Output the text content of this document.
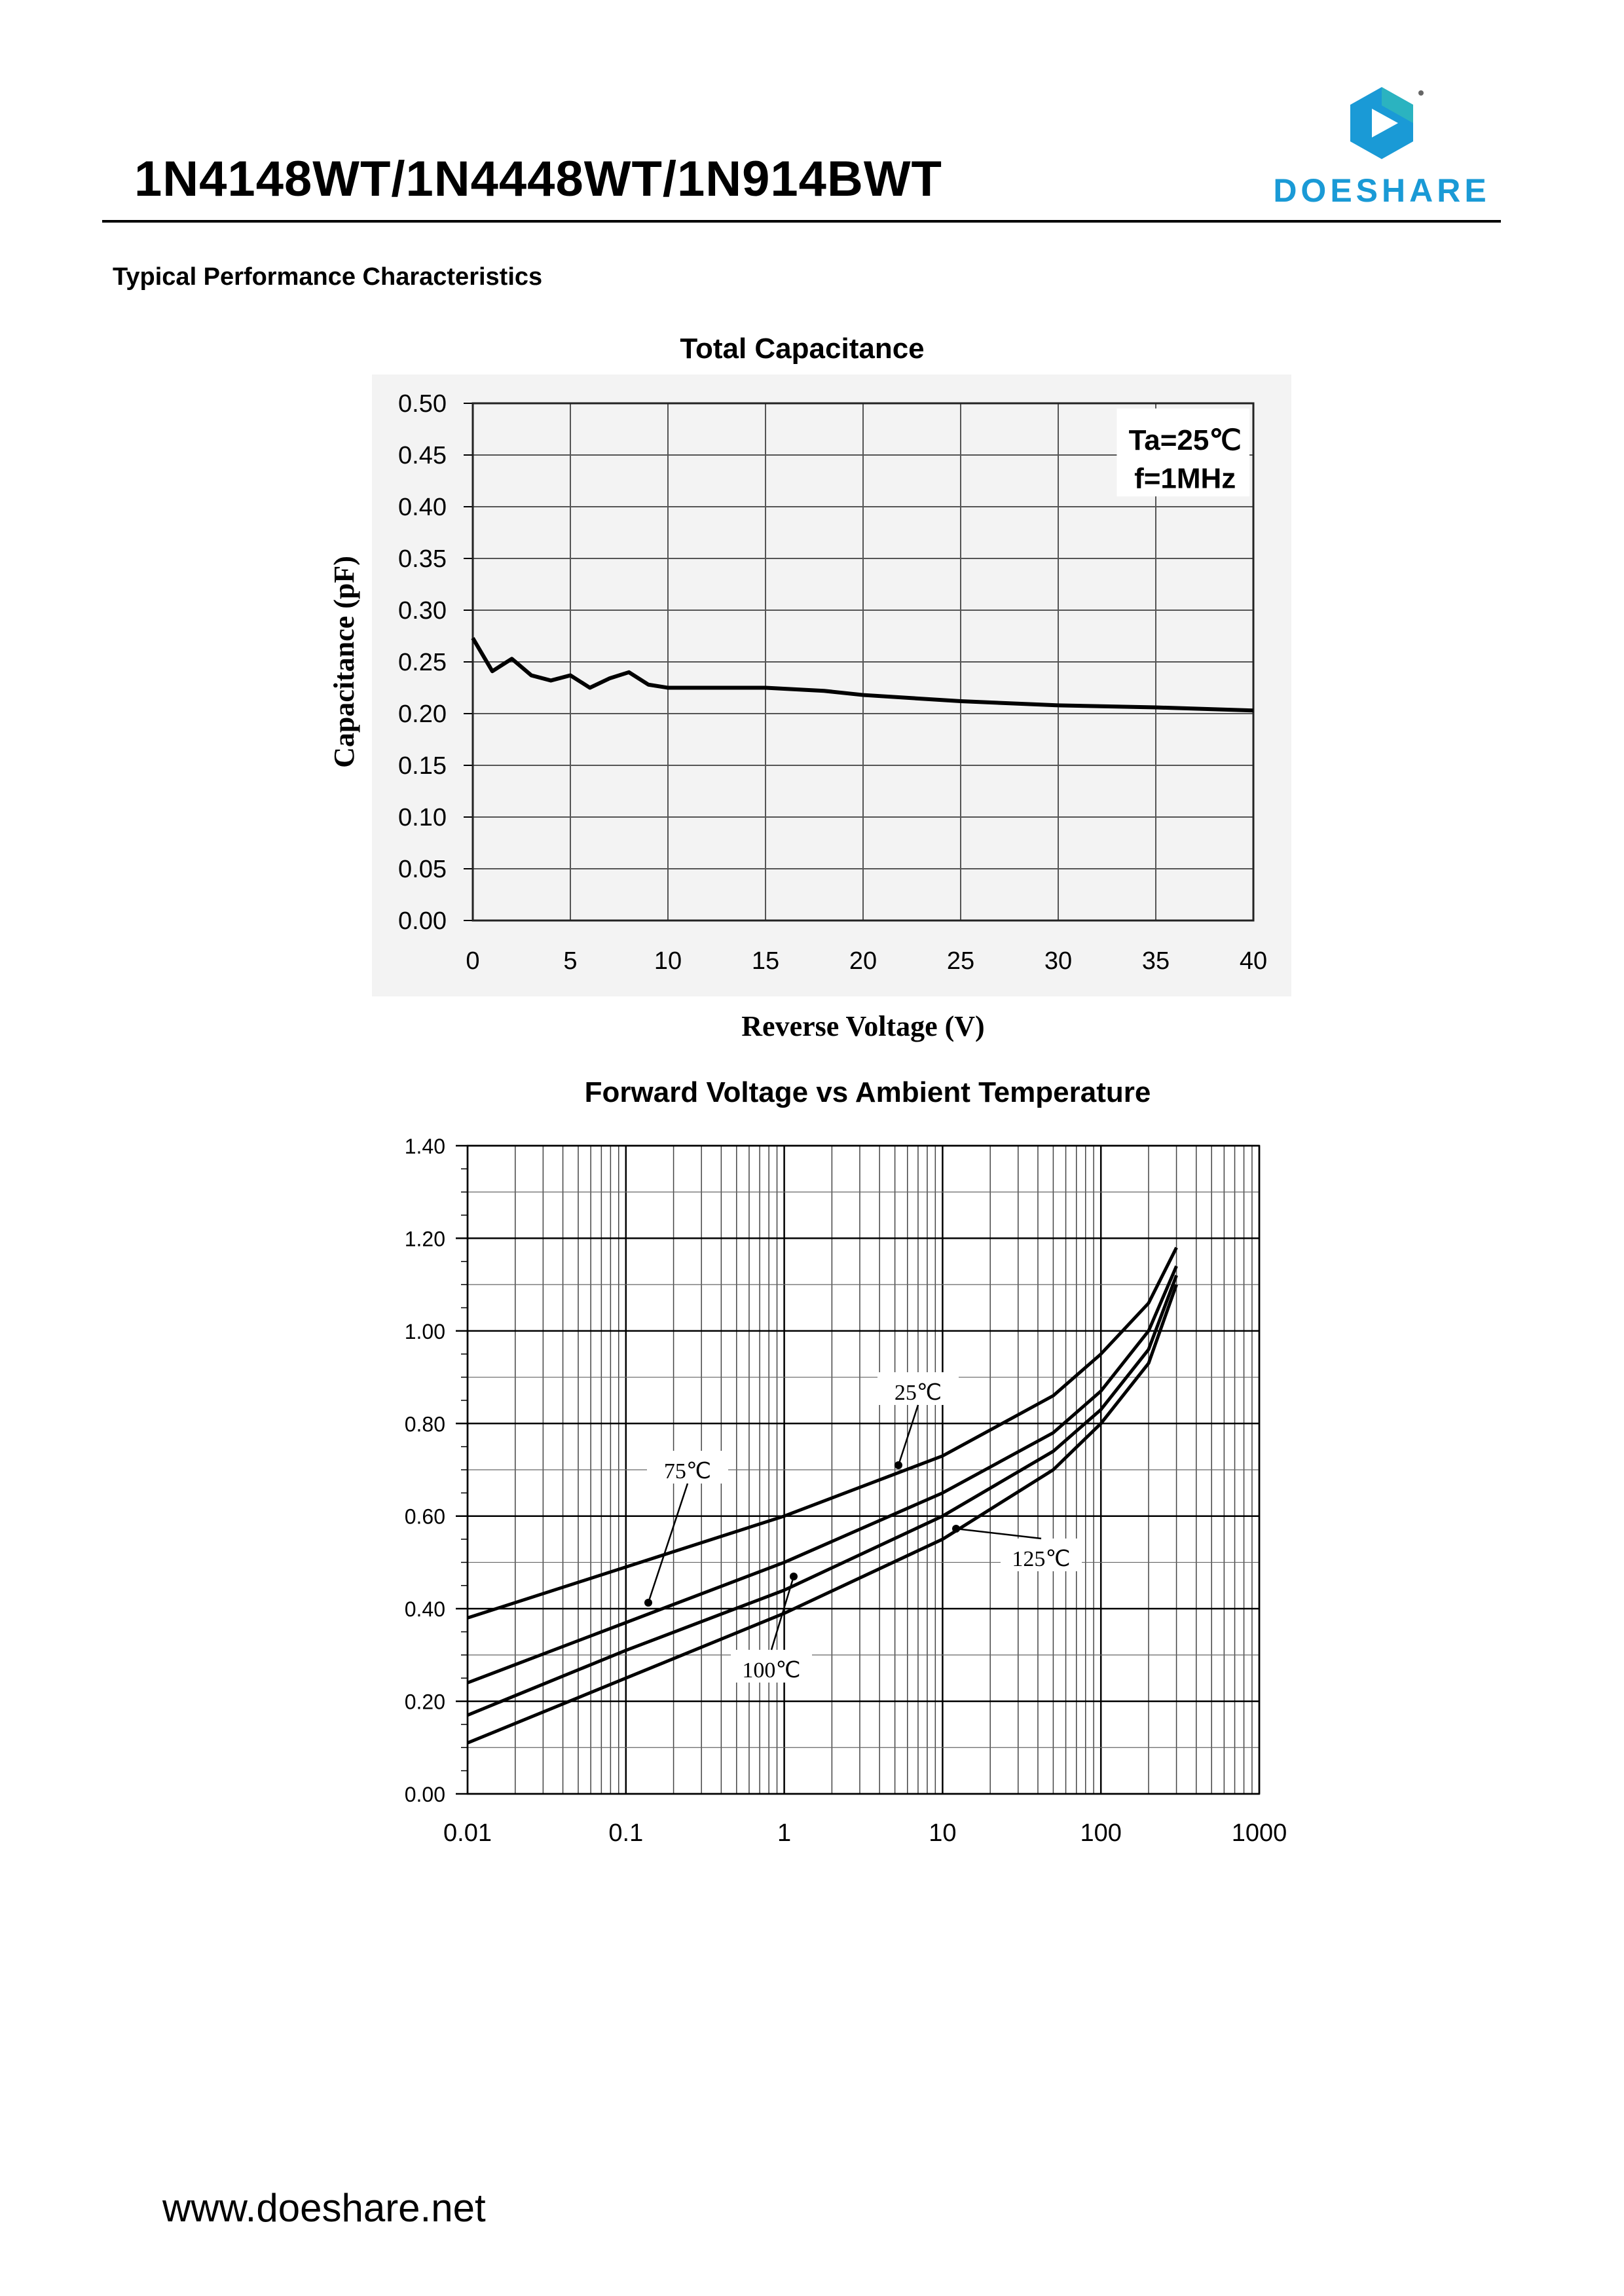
1N4148WT/1N4448WT/1N914BWT	DOESHARE
Typical Performance Characteristics
Total Capacitance
0	5	10	15	20	25	30	35	40
0.00
0.05
0.10
0.15
0.20
0.25
0.30
0.35
0.40
0.45
0.50
Ta=25℃
f=1MHz
Reverse Voltage (V)
Capacitance (pF)
0.01	0.1	1	10	100	1000
0.00
0.20
0.40
0.60
0.80
1.00
1.20
1.40
25℃
75℃
100℃
125℃
Forward Voltage vs Ambient Temperature
www.doeshare.net
